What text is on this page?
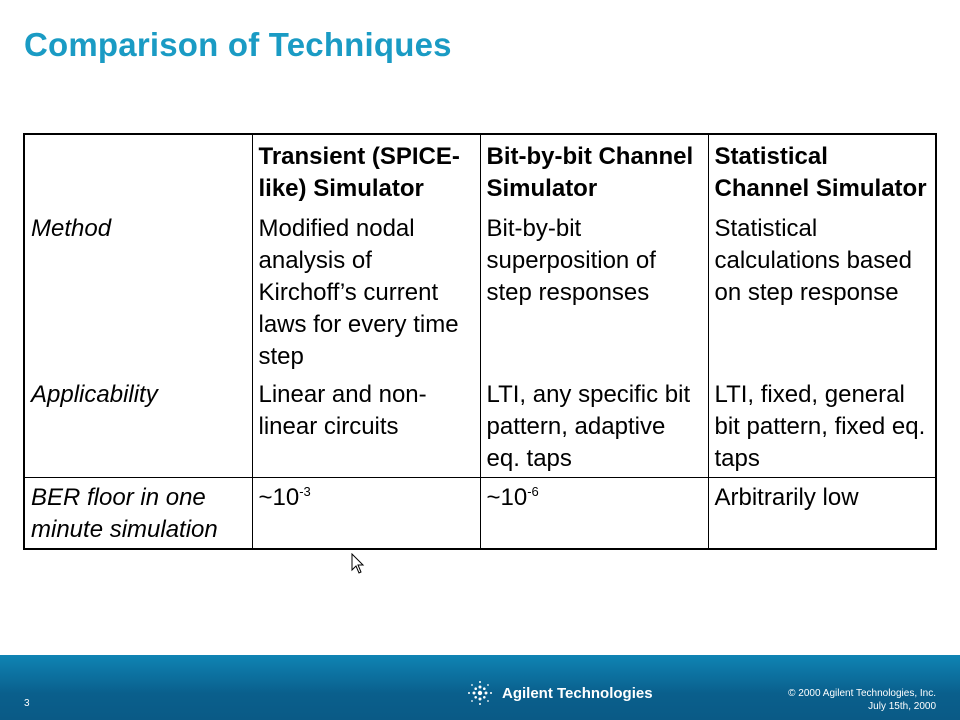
Comparison of Techniques
	Transient (SPICE-like) Simulator	Bit-by-bit Channel Simulator	Statistical Channel Simulator
Method	Modified nodal analysis of Kirchoff’s current laws for every time step	Bit-by-bit superposition of step responses	Statistical calculations based on step response
Applicability	Linear and non-linear circuits	LTI, any specific bit pattern, adaptive eq. taps	LTI, fixed, general bit pattern, fixed eq. taps
BER floor in one minute simulation	$\sim 10^{-3}$	$\sim 10^{-6}$	Arbitrarily low
3
Agilent Technologies	© 2000 Agilent Technologies, Inc.
July 15th, 2000
